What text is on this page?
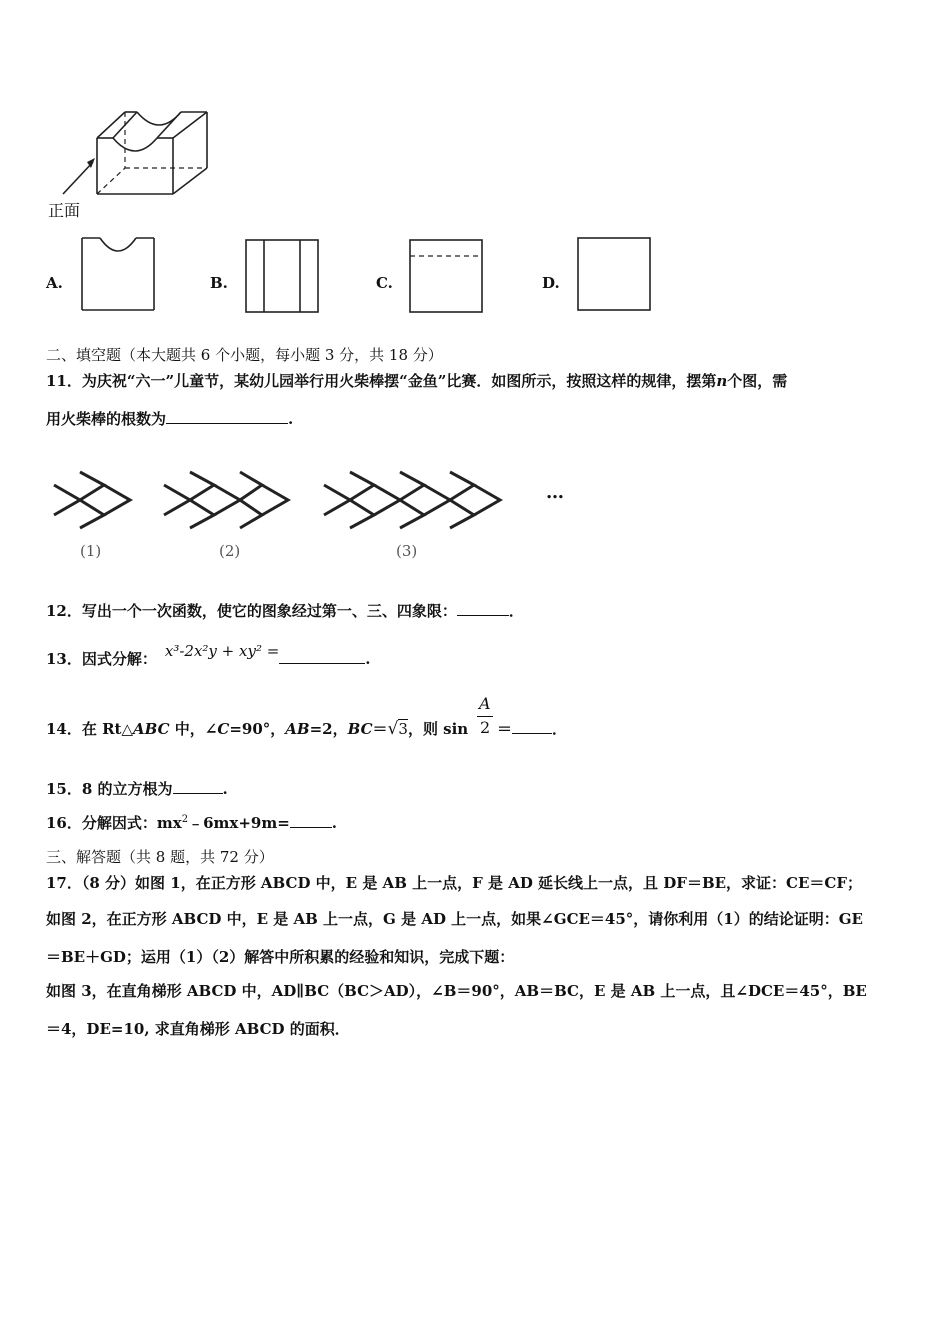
正面
A.	B.	C.	D.
二、填空题（本大题共 6 个小题，每小题 3 分，共 18 分）
11．为庆祝“六一”儿童节，某幼儿园举行用火柴棒摆“金鱼”比赛．如图所示，按照这样的规律，摆第n个图，需
用火柴棒的根数为	.
…
(1)	(2)	(3)
12．写出一个一次函数，使它的图象经过第一、三、四象限：	．
13．因式分解： x³-2x²y + xy² =	.
14．在 Rt△ABC 中，∠C=90°，AB=2，BC＝√3，则 sin
A
2 ＝	．
15．8 的立方根为	.
16．分解因式：$mx^2﹣6mx+9m=$	.
三、解答题（共 8 题，共 72 分）
17．（8 分）如图 1，在正方形 ABCD 中，E 是 AB 上一点，F 是 AD 延长线上一点，且 DF＝BE，求证：CE＝CF；
如图 2，在正方形 ABCD 中，E 是 AB 上一点，G 是 AD 上一点，如果∠GCE＝45°，请你利用（1）的结论证明：GE
＝BE＋GD；运用（1）（2）解答中所积累的经验和知识，完成下题：
如图 3，在直角梯形 ABCD 中，AD∥BC（BC＞AD），∠B＝90°，AB＝BC，E 是 AB 上一点，且∠DCE＝45°，BE
＝4，DE=10, 求直角梯形 ABCD 的面积．
